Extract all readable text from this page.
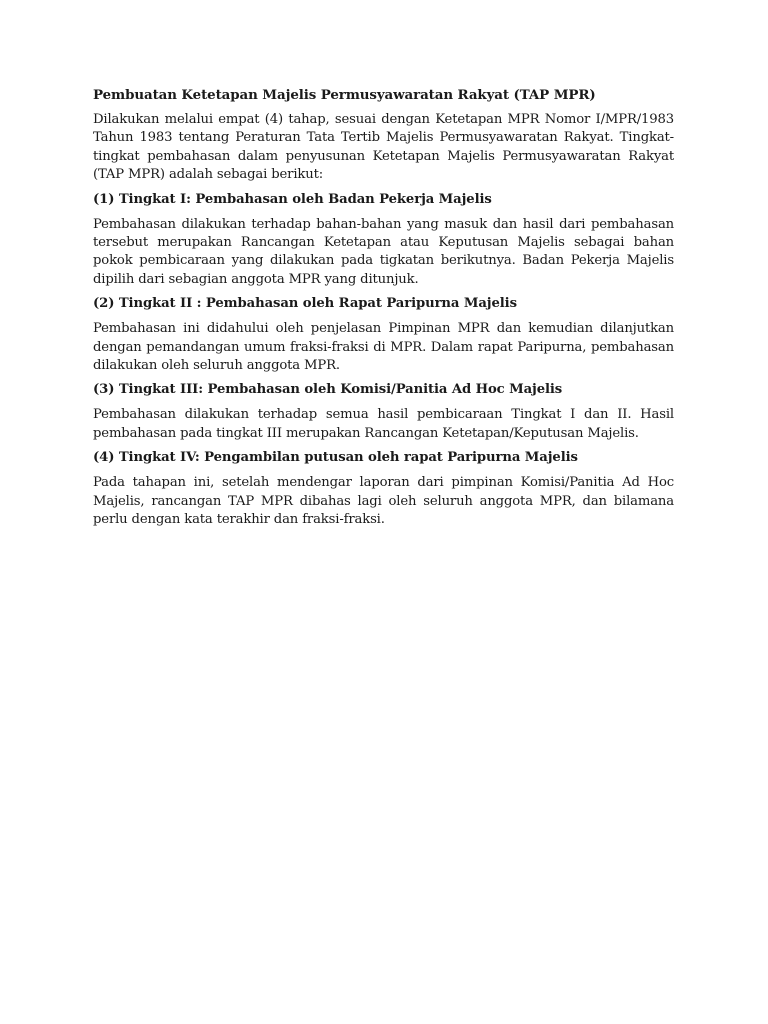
Pembuatan Ketetapan Majelis Permusyawaratan Rakyat (TAP MPR)

Dilakukan melalui empat (4) tahap, sesuai dengan Ketetapan MPR Nomor I/MPR/1983 Tahun 1983 tentang Peraturan Tata Tertib Majelis Permusyawaratan Rakyat. Tingkat-tingkat pembahasan dalam penyusunan Ketetapan Majelis Permusyawaratan Rakyat (TAP MPR) adalah sebagai berikut:

(1) Tingkat I: Pembahasan oleh Badan Pekerja Majelis

Pembahasan dilakukan terhadap bahan-bahan yang masuk dan hasil dari pembahasan tersebut merupakan Rancangan Ketetapan atau Keputusan Majelis sebagai bahan pokok pembicaraan yang dilakukan pada tigkatan berikutnya. Badan Pekerja Majelis dipilih dari sebagian anggota MPR yang ditunjuk.

(2) Tingkat II : Pembahasan oleh Rapat Paripurna Majelis

Pembahasan ini didahului oleh penjelasan Pimpinan MPR dan kemudian dilanjutkan dengan pemandangan umum fraksi-fraksi di MPR. Dalam rapat Paripurna, pembahasan dilakukan oleh seluruh anggota MPR.

(3) Tingkat III: Pembahasan oleh Komisi/Panitia Ad Hoc Majelis

Pembahasan dilakukan terhadap semua hasil pembicaraan Tingkat I dan II. Hasil pembahasan pada tingkat III merupakan Rancangan Ketetapan/Keputusan Majelis.

(4) Tingkat IV: Pengambilan putusan oleh rapat Paripurna Majelis

Pada tahapan ini, setelah mendengar laporan dari pimpinan Komisi/Panitia Ad Hoc Majelis, rancangan TAP MPR dibahas lagi oleh seluruh anggota MPR, dan bilamana perlu dengan kata terakhir dan fraksi-fraksi.
